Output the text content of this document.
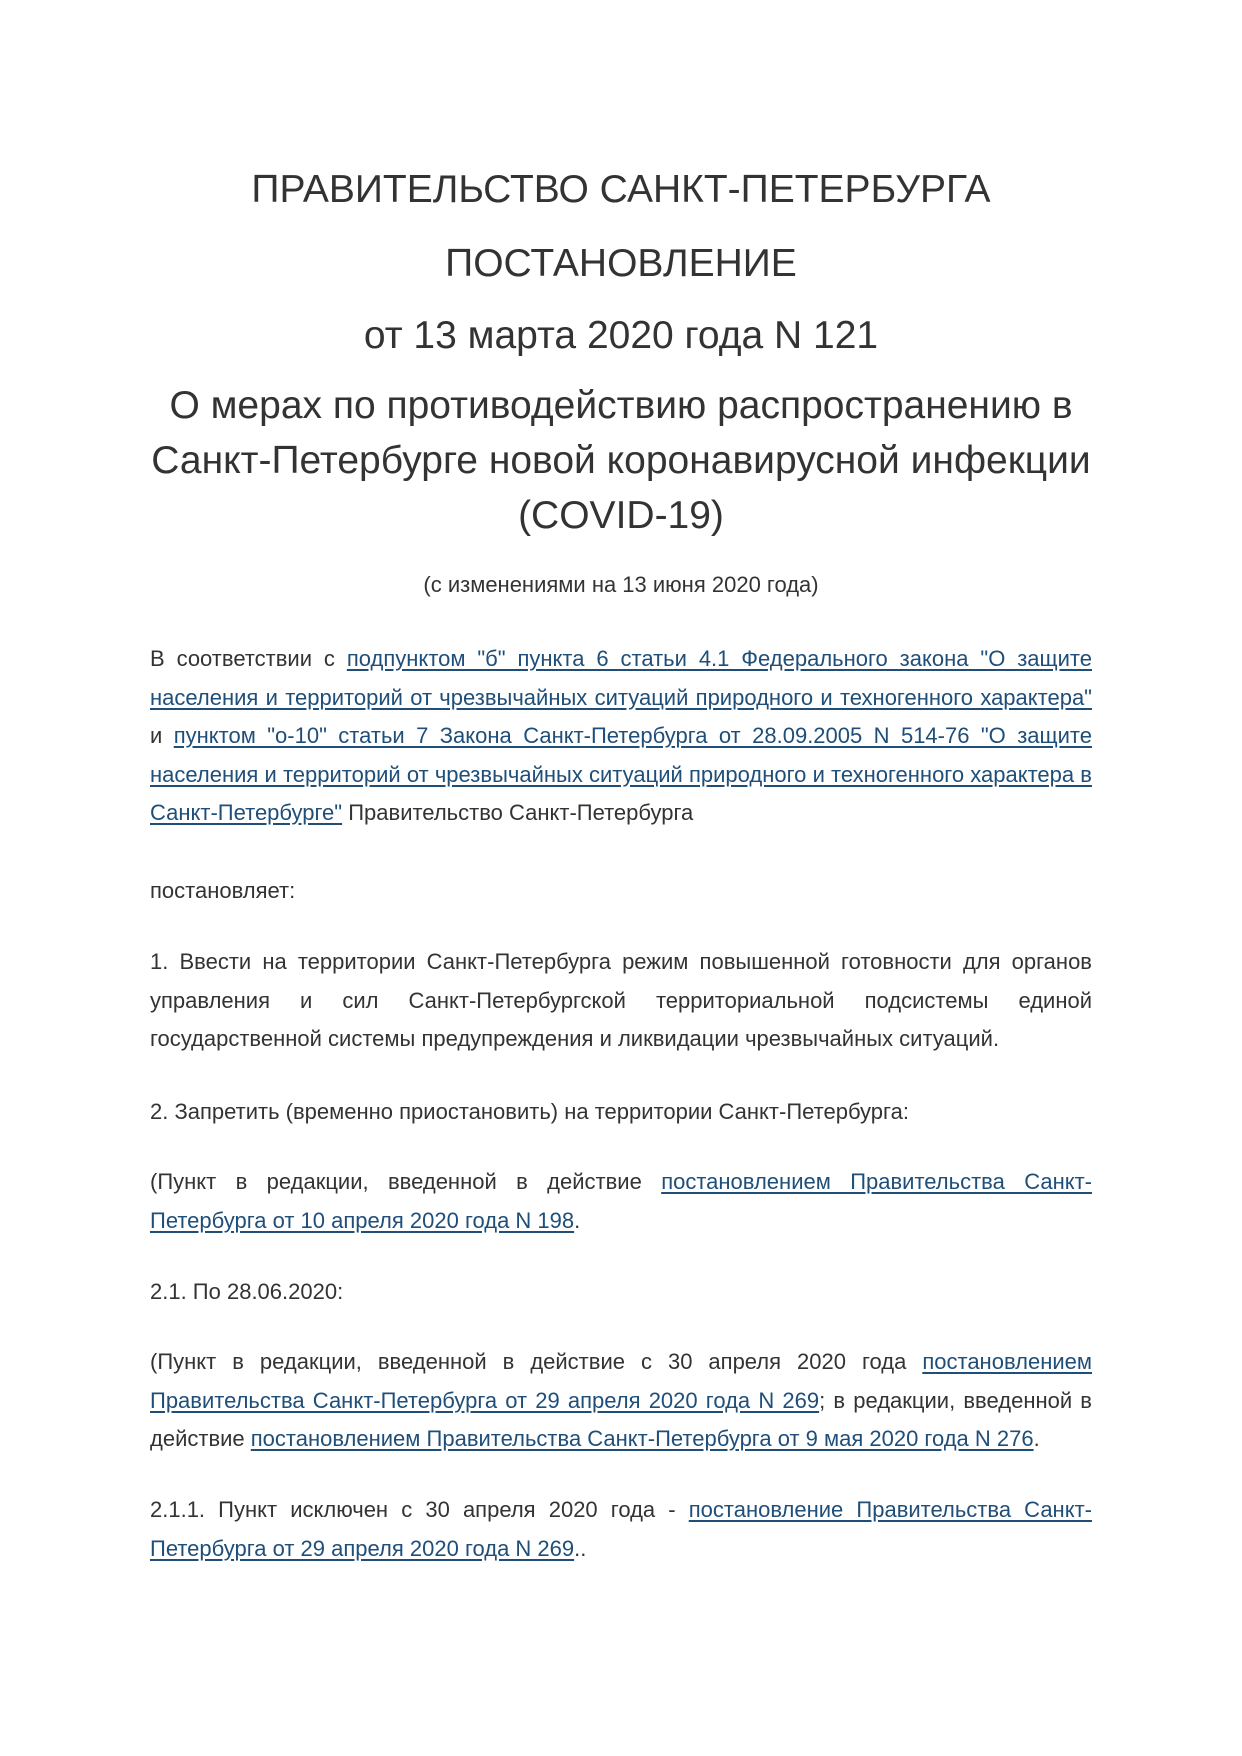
ПРАВИТЕЛЬСТВО САНКТ-ПЕТЕРБУРГА
ПОСТАНОВЛЕНИЕ
от 13 марта 2020 года N 121
О мерах по противодействию распространению в Санкт-Петербурге новой коронавирусной инфекции (COVID-19)
(с изменениями на 13 июня 2020 года)
В соответствии с подпунктом "б" пункта 6 статьи 4.1 Федерального закона "О защите населения и территорий от чрезвычайных ситуаций природного и техногенного характера" и пунктом "о-10" статьи 7 Закона Санкт-Петербурга от 28.09.2005 N 514-76 "О защите населения и территорий от чрезвычайных ситуаций природного и техногенного характера в Санкт-Петербурге" Правительство Санкт-Петербурга
постановляет:
1. Ввести на территории Санкт-Петербурга режим повышенной готовности для органов управления и сил Санкт-Петербургской территориальной подсистемы единой государственной системы предупреждения и ликвидации чрезвычайных ситуаций.
2. Запретить (временно приостановить) на территории Санкт-Петербурга:
(Пункт в редакции, введенной в действие постановлением Правительства Санкт-Петербурга от 10 апреля 2020 года N 198.
2.1. По 28.06.2020:
(Пункт в редакции, введенной в действие с 30 апреля 2020 года постановлением Правительства Санкт-Петербурга от 29 апреля 2020 года N 269; в редакции, введенной в действие постановлением Правительства Санкт-Петербурга от 9 мая 2020 года N 276.
2.1.1. Пункт исключен с 30 апреля 2020 года - постановление Правительства Санкт-Петербурга от 29 апреля 2020 года N 269..
